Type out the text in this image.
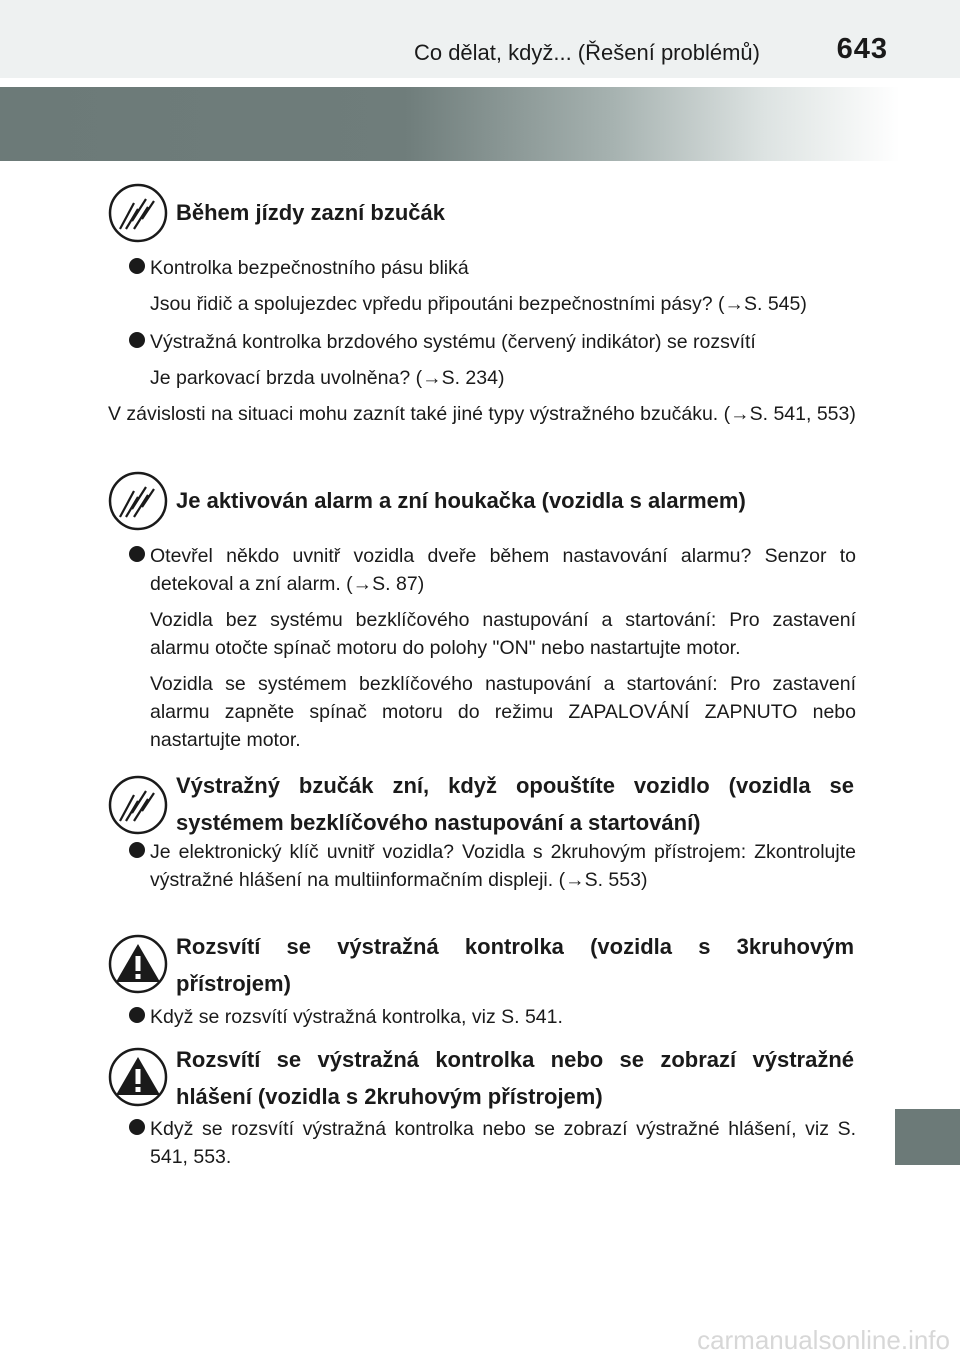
Co dělat, když... (Řešení problémů)	643
Během jízdy zazní bzučák
Kontrolka bezpečnostního pásu bliká
Jsou řidič a spolujezdec vpředu připoutáni bezpečnostními pásy? (→S. 545)
Výstražná kontrolka brzdového systému (červený indikátor) se rozsvítí
Je parkovací brzda uvolněna? (→S. 234)
V závislosti na situaci mohu zaznít také jiné typy výstražného bzučáku. (→S. 541, 553)
Je aktivován alarm a zní houkačka (vozidla s alarmem)
Otevřel někdo uvnitř vozidla dveře během nastavování alarmu? Senzor to detekoval a zní alarm. (→S. 87)
Vozidla bez systému bezklíčového nastupování a startování: Pro zastavení alarmu otočte spínač motoru do polohy "ON" nebo nastartujte motor.
Vozidla se systémem bezklíčového nastupování a startování: Pro zastavení alarmu zapněte spínač motoru do režimu ZAPALOVÁNÍ ZAPNUTO nebo nastartujte motor.
Výstražný bzučák zní, když opouštíte vozidlo (vozidla se systémem bezklíčového nastupování a startování)
Je elektronický klíč uvnitř vozidla? Vozidla s 2kruhovým přístrojem: Zkontrolujte výstražné hlášení na multiinformačním displeji. (→S. 553)
Rozsvítí se výstražná kontrolka (vozidla s 3kruhovým přístrojem)
Když se rozsvítí výstražná kontrolka, viz S. 541.
Rozsvítí se výstražná kontrolka nebo se zobrazí výstražné hlášení (vozidla s 2kruhovým přístrojem)
Když se rozsvítí výstražná kontrolka nebo se zobrazí výstražné hlášení, viz S. 541, 553.
carmanualsonline.info
